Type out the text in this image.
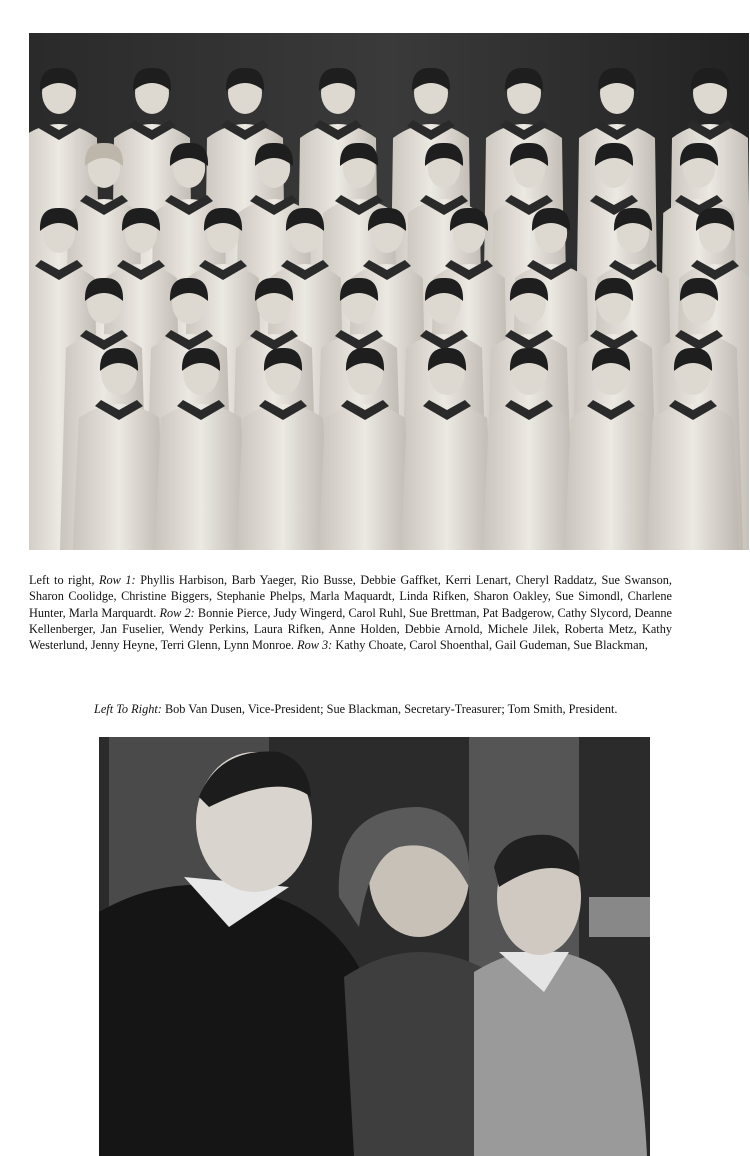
Left to right, Row 1: Phyllis Harbison, Barb Yaeger, Rio Busse, Debbie Gaffket, Kerri Lenart, Cheryl Raddatz, Sue Swanson, Sharon Coolidge, Christine Biggers, Stephanie Phelps, Marla Maquardt, Linda Rifken, Sharon Oakley, Sue Simondl, Charlene Hunter, Marla Marquardt. Row 2: Bonnie Pierce, Judy Wingerd, Carol Ruhl, Sue Brettman, Pat Badgerow, Cathy Slycord, Deanne Kellenberger, Jan Fuselier, Wendy Perkins, Laura Rifken, Anne Holden, Debbie Arnold, Michele Jilek, Roberta Metz, Kathy Westerlund, Jenny Heyne, Terri Glenn, Lynn Monroe. Row 3: Kathy Choate, Carol Shoenthal, Gail Gudeman, Sue Blackman,
Left To Right: Bob Van Dusen, Vice-President; Sue Blackman, Secretary-Treasurer; Tom Smith, President.
